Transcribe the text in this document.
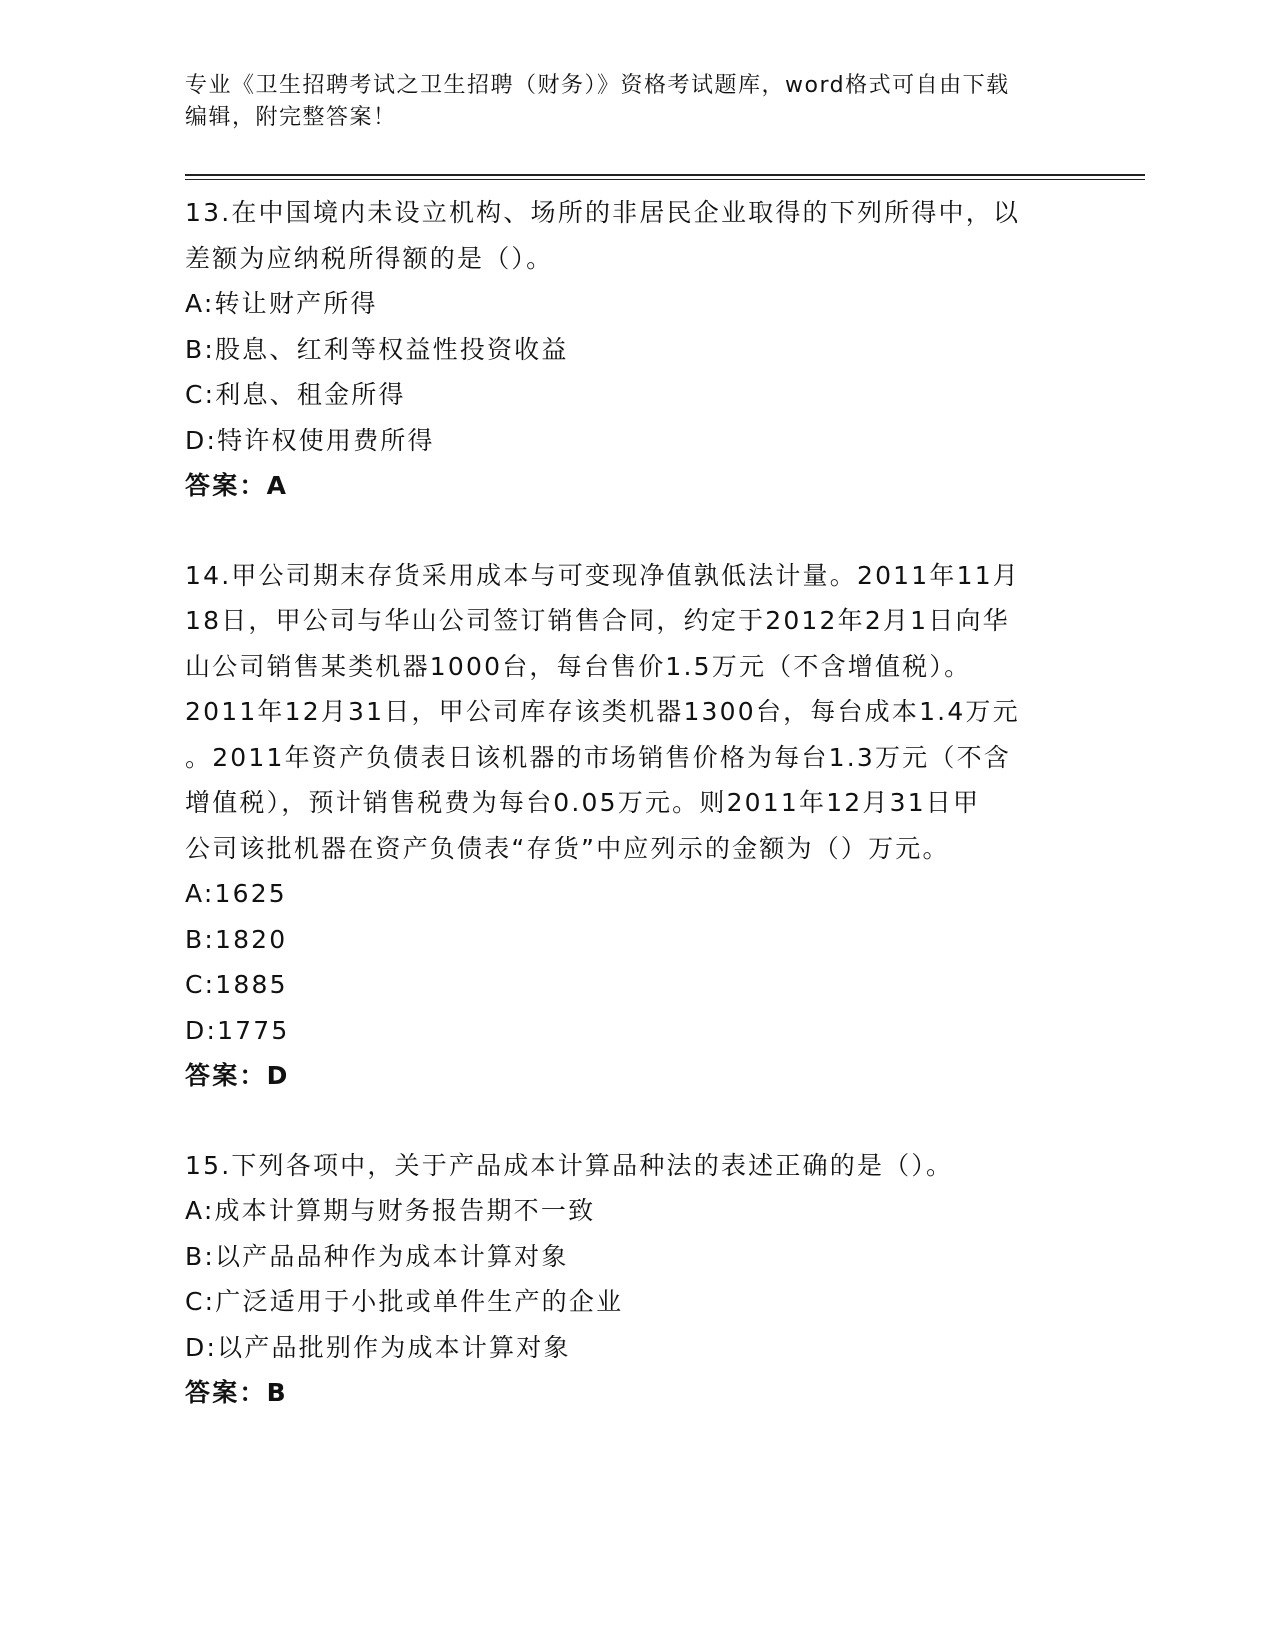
专业《卫生招聘考试之卫生招聘（财务）》资格考试题库，word格式可自由下载
编辑，附完整答案！
13.在中国境内未设立机构、场所的非居民企业取得的下列所得中，以
差额为应纳税所得额的是（）。
A:转让财产所得
B:股息、红利等权益性投资收益
C:利息、租金所得
D:特许权使用费所得
答案：A
14.甲公司期末存货采用成本与可变现净值孰低法计量。2011年11月
18日，甲公司与华山公司签订销售合同，约定于2012年2月1日向华
山公司销售某类机器1000台，每台售价1.5万元（不含增值税）。
2011年12月31日，甲公司库存该类机器1300台，每台成本1.4万元
。2011年资产负债表日该机器的市场销售价格为每台1.3万元（不含
增值税），预计销售税费为每台0.05万元。则2011年12月31日甲
公司该批机器在资产负债表“存货”中应列示的金额为（）万元。
A:1625
B:1820
C:1885
D:1775
答案：D
15.下列各项中，关于产品成本计算品种法的表述正确的是（）。
A:成本计算期与财务报告期不一致
B:以产品品种作为成本计算对象
C:广泛适用于小批或单件生产的企业
D:以产品批别作为成本计算对象
答案：B
